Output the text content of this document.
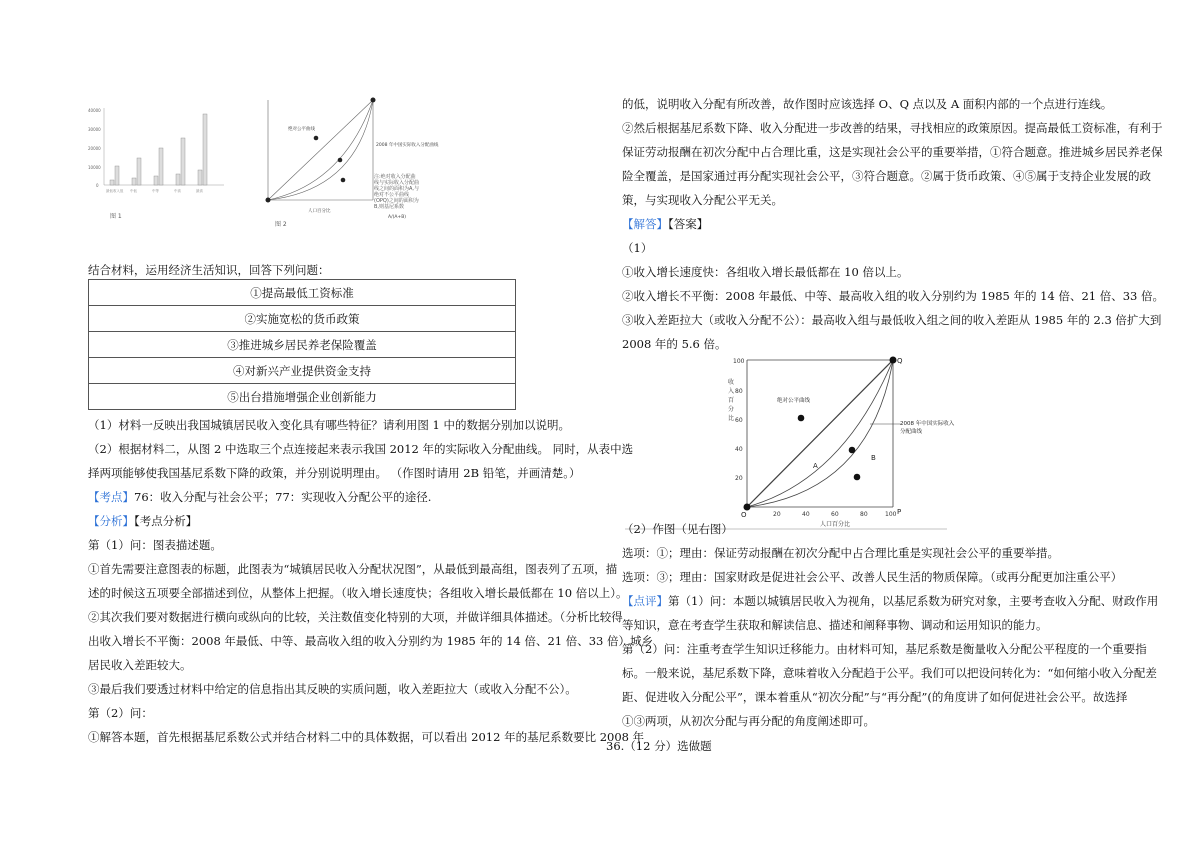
40000
30000
20000
10000
0
最低收入组 中低	中等	中高	最高
图 1
绝对公平曲线
2008 年中国实际收入分配曲线
注:绝对收入分配曲线与实际收入分配曲线之间的面积为A,与绝对不公平曲线(OPQ)之间的面积为B,则基尼系数
A/(A+B)
人口百分比
图 2
结合材料，运用经济生活知识，回答下列问题：
①提高最低工资标准
②实施宽松的货币政策
③推进城乡居民养老保险覆盖
④对新兴产业提供资金支持
⑤出台措施增强企业创新能力
（1）材料一反映出我国城镇居民收入变化具有哪些特征？请利用图 1 中的数据分别加以说明。
（2）根据材料二，从图 2 中选取三个点连接起来表示我国 2012 年的实际收入分配曲线。 同时，从表中选
择两项能够使我国基尼系数下降的政策，并分别说明理由。 （作图时请用 2B 铅笔，并画清楚。）
【考点】76：收入分配与社会公平；77：实现收入分配公平的途径.
【分析】【考点分析】
第（1）问：图表描述题。
①首先需要注意图表的标题，此图表为“城镇居民收入分配状况图”，从最低到最高组，图表列了五项，描
述的时候这五项要全部描述到位，从整体上把握。（收入增长速度快；各组收入增长最低都在 10 倍以上）。
②其次我们要对数据进行横向或纵向的比较，关注数值变化特别的大项，并做详细具体描述。（分析比较得
出收入增长不平衡：2008 年最低、中等、最高收入组的收入分别约为 1985 年的 14 倍、21 倍、33 倍）城乡
居民收入差距较大。
③最后我们要透过材料中给定的信息指出其反映的实质问题，收入差距拉大（或收入分配不公）。
第（2）问：
①解答本题，首先根据基尼系数公式并结合材料二中的具体数据，可以看出 2012 年的基尼系数要比 2008 年
的低，说明收入分配有所改善，故作图时应该选择 O、Q 点以及 A 面积内部的一个点进行连线。
②然后根据基尼系数下降、收入分配进一步改善的结果，寻找相应的政策原因。提高最低工资标准，有利于
保证劳动报酬在初次分配中占合理比重，这是实现社会公平的重要举措，①符合题意。推进城乡居民养老保
险全覆盖，是国家通过再分配实现社会公平，③符合题意。②属于货币政策、④⑤属于支持企业发展的政
策，与实现收入分配公平无关。
【解答】【答案】
（1）
①收入增长速度快：各组收入增长最低都在 10 倍以上。
②收入增长不平衡：2008 年最低、中等、最高收入组的收入分别约为 1985 年的 14 倍、21 倍、33 倍。
③收入差距拉大（或收入分配不公）：最高收入组与最低收入组之间的收入差距从 1985 年的 2.3 倍扩大到
2008 年的 5.6 倍。
100
80
60
40
20
20	40	60	80	100
收入百分比
人口百分比
绝对公平曲线
2008 年中国实际收入分配曲线
A
B
O	P
Q
（2）作图（见右图）
选项：①；理由：保证劳动报酬在初次分配中占合理比重是实现社会公平的重要举措。
选项：③；理由：国家财政是促进社会公平、改善人民生活的物质保障。（或再分配更加注重公平）
【点评】第（1）问：本题以城镇居民收入为视角，以基尼系数为研究对象，主要考查收入分配、财政作用
等知识，意在考查学生获取和解读信息、描述和阐释事物、调动和运用知识的能力。
第（2）问：注重考查学生知识迁移能力。由材料可知，基尼系数是衡量收入分配公平程度的一个重要指
标。一般来说，基尼系数下降，意味着收入分配趋于公平。我们可以把设问转化为：“如何缩小收入分配差
距、促进收入分配公平”，课本着重从“初次分配”与“再分配”(的角度讲了如何促进社会公平。故选择
①③两项，从初次分配与再分配的角度阐述即可。
36.（12 分）选做题
